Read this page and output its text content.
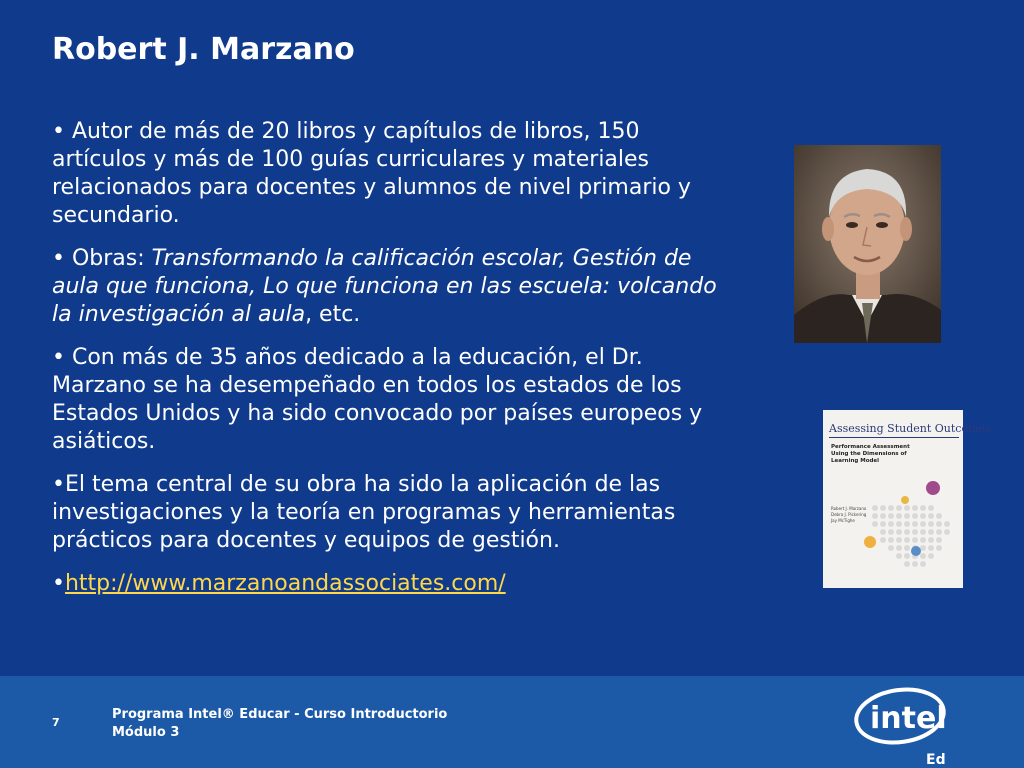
Robert J. Marzano

• Autor de más de 20 libros y capítulos de libros, 150 artículos y más de 100 guías curriculares y materiales relacionados para docentes y alumnos de nivel primario y secundario.

• Obras: Transformando la calificación escolar, Gestión de aula que funciona, Lo que funciona en las escuela: volcando la investigación al aula, etc.

• Con más de 35 años dedicado a la educación, el Dr. Marzano se ha desempeñado en todos los estados de los Estados Unidos y ha sido convocado por países europeos y asiáticos.

•El tema central de su obra ha sido la aplicación de las investigaciones y la teoría en programas y herramientas prácticos para docentes y equipos de gestión.

•http://www.marzanoandassociates.com/

Assessing Student Outcomes
Performance Assessment Using the Dimensions of Learning Model
Robert J. Marzano
Debra J. Pickering
Jay McTighe
7
Programa Intel® Educar - Curso Introductorio
Módulo 3	intel
Ed
